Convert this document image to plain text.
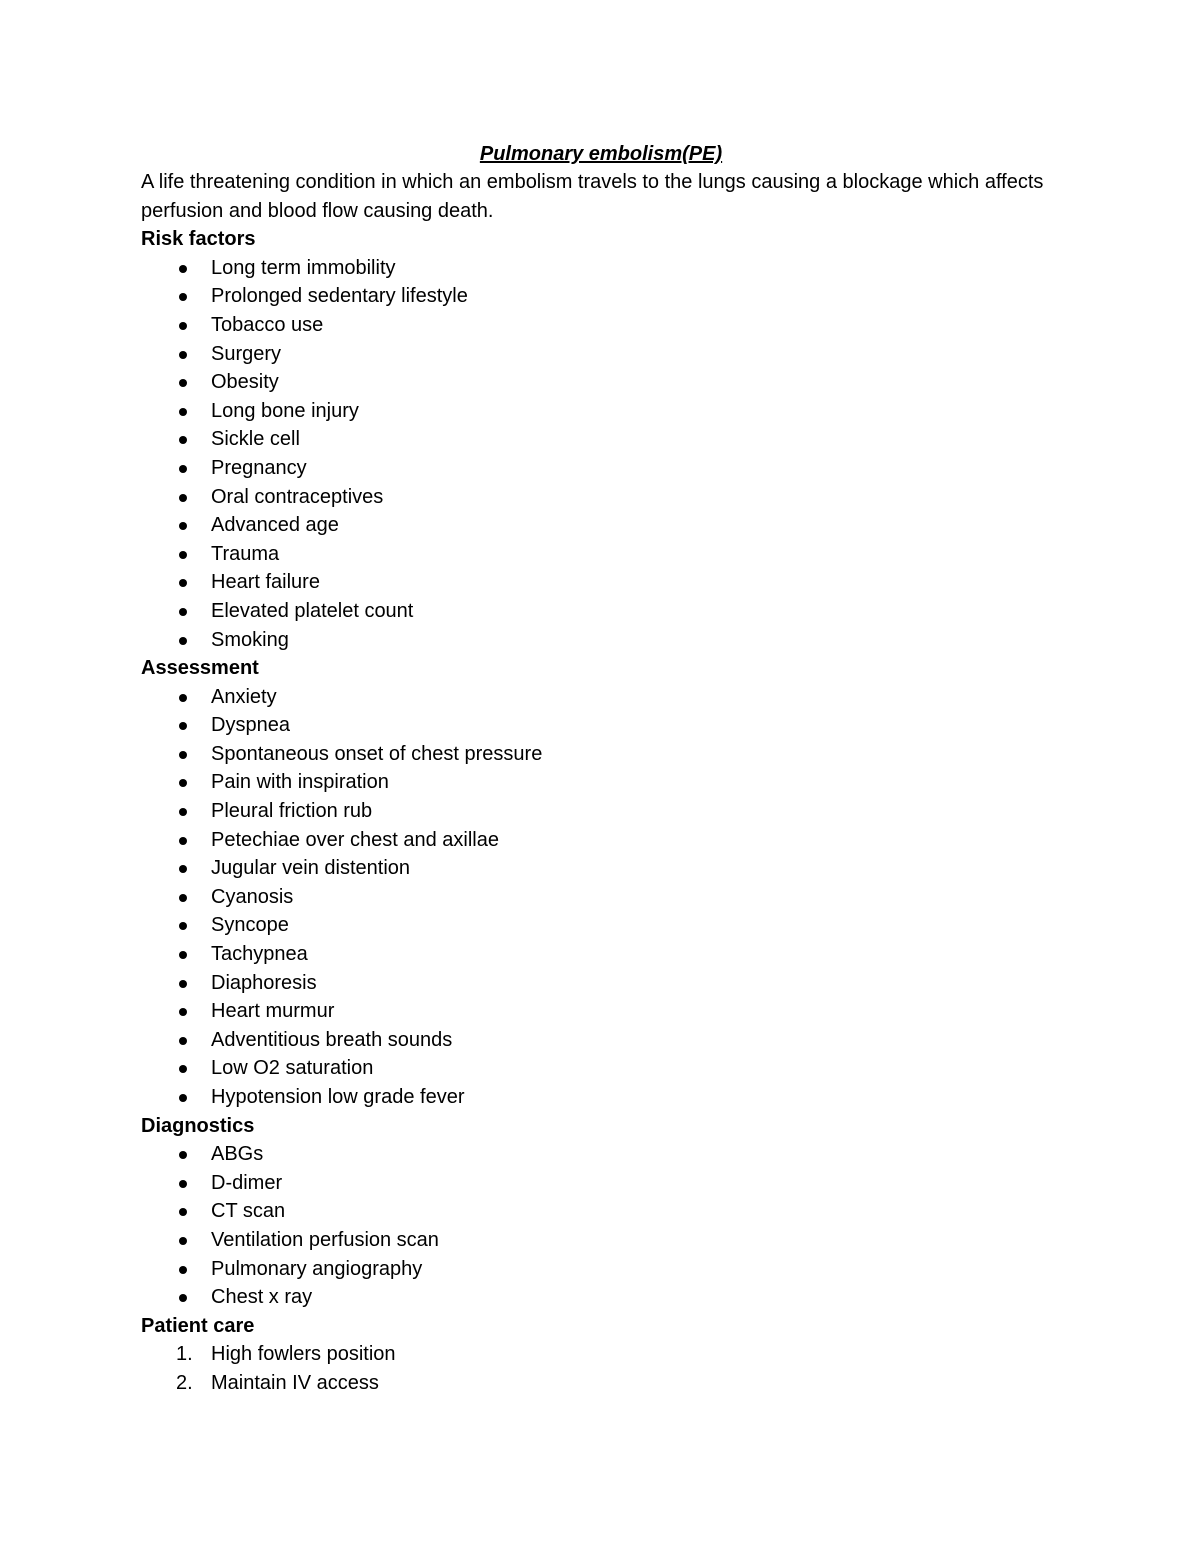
Pulmonary embolism(PE)

A life threatening condition in which an embolism travels to the lungs causing a blockage which affects perfusion and blood flow causing death.

Risk factors

Long term immobility
Prolonged sedentary lifestyle
Tobacco use
Surgery
Obesity
Long bone injury
Sickle cell
Pregnancy
Oral contraceptives
Advanced age
Trauma
Heart failure
Elevated platelet count
Smoking

Assessment

Anxiety
Dyspnea
Spontaneous onset of chest pressure
Pain with inspiration
Pleural friction rub
Petechiae over chest and axillae
Jugular vein distention
Cyanosis
Syncope
Tachypnea
Diaphoresis
Heart murmur
Adventitious breath sounds
Low O2 saturation
Hypotension low grade fever

Diagnostics

ABGs
D-dimer
CT scan
Ventilation perfusion scan
Pulmonary angiography
Chest x ray

Patient care

1. High fowlers position
2. Maintain IV access
